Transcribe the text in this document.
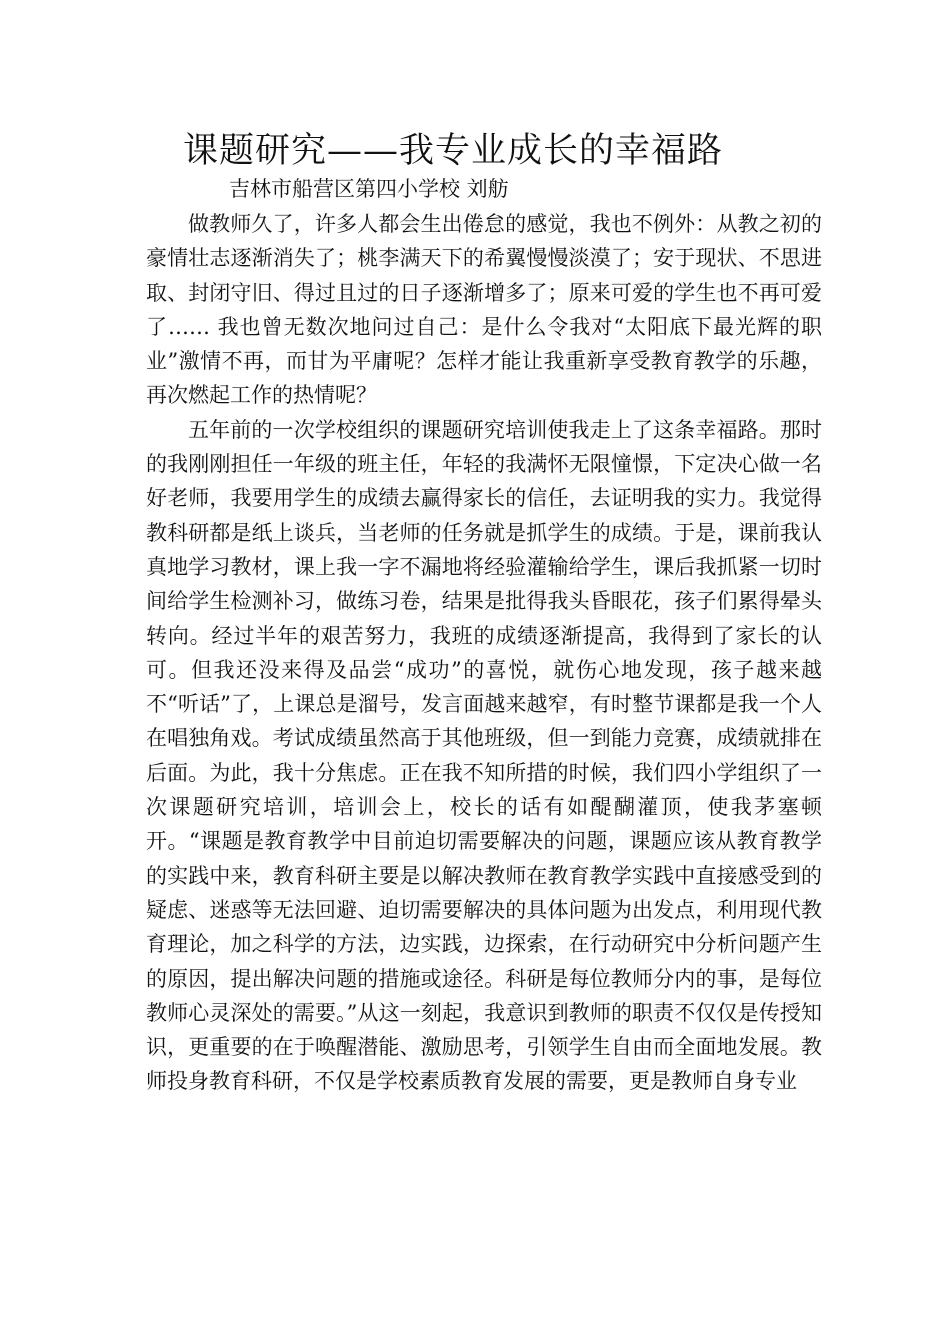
课题研究——我专业成长的幸福路
吉林市船营区第四小学校 刘舫

做教师久了，许多人都会生出倦怠的感觉，我也不例外：从教之初的豪情壮志逐渐消失了；桃李满天下的希翼慢慢淡漠了；安于现状、不思进取、封闭守旧、得过且过的日子逐渐增多了；原来可爱的学生也不再可爱了…… 我也曾无数次地问过自己：是什么令我对“太阳底下最光辉的职业”激情不再，而甘为平庸呢？怎样才能让我重新享受教育教学的乐趣，再次燃起工作的热情呢？

五年前的一次学校组织的课题研究培训使我走上了这条幸福路。那时的我刚刚担任一年级的班主任，年轻的我满怀无限憧憬，下定决心做一名好老师，我要用学生的成绩去赢得家长的信任，去证明我的实力。我觉得教科研都是纸上谈兵，当老师的任务就是抓学生的成绩。于是，课前我认真地学习教材，课上我一字不漏地将经验灌输给学生，课后我抓紧一切时间给学生检测补习，做练习卷，结果是批得我头昏眼花，孩子们累得晕头转向。经过半年的艰苦努力，我班的成绩逐渐提高，我得到了家长的认可。但我还没来得及品尝“成功”的喜悦，就伤心地发现，孩子越来越不“听话”了，上课总是溜号，发言面越来越窄，有时整节课都是我一个人在唱独角戏。考试成绩虽然高于其他班级，但一到能力竞赛，成绩就排在后面。为此，我十分焦虑。正在我不知所措的时候，我们四小学组织了一次课题研究培训，培训会上，校长的话有如醍醐灌顶，使我茅塞顿开。“课题是教育教学中目前迫切需要解决的问题，课题应该从教育教学的实践中来，教育科研主要是以解决教师在教育教学实践中直接感受到的疑虑、迷惑等无法回避、迫切需要解决的具体问题为出发点，利用现代教育理论，加之科学的方法，边实践，边探索，在行动研究中分析问题产生的原因，提出解决问题的措施或途径。科研是每位教师分内的事，是每位教师心灵深处的需要。”从这一刻起，我意识到教师的职责不仅仅是传授知识，更重要的在于唤醒潜能、激励思考，引领学生自由而全面地发展。教师投身教育科研，不仅是学校素质教育发展的需要，更是教师自身专业
